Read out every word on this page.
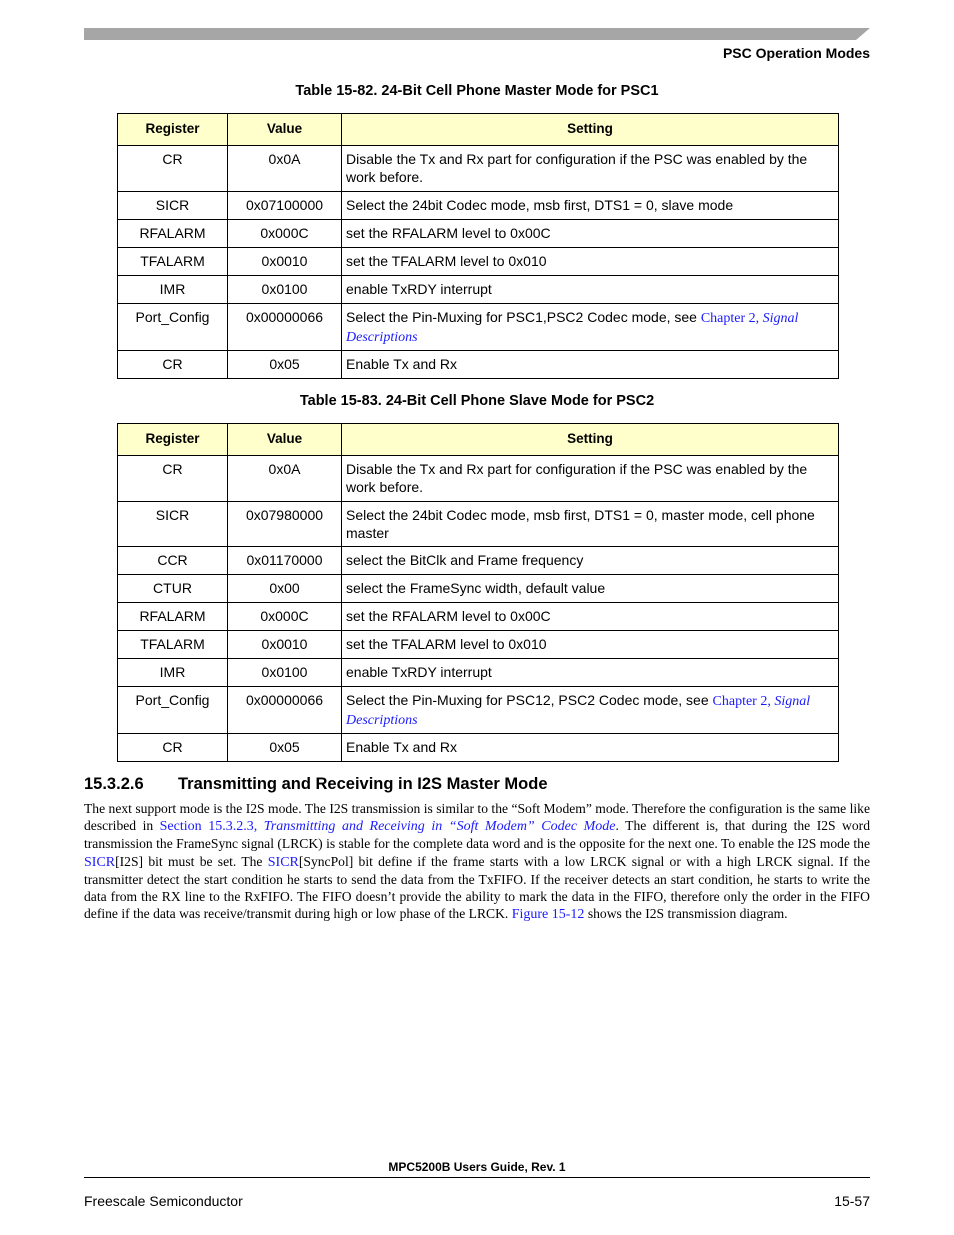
PSC Operation Modes
Table 15-82. 24-Bit Cell Phone Master Mode for PSC1
Register	Value	Setting
CR	0x0A	Disable the Tx and Rx part for configuration if the PSC was enabled by the work before.
SICR	0x07100000	Select the 24bit Codec mode, msb first, DTS1 = 0, slave mode
RFALARM	0x000C	set the RFALARM level to 0x00C
TFALARM	0x0010	set the TFALARM level to 0x010
IMR	0x0100	enable TxRDY interrupt
Port_Config	0x00000066	Select the Pin-Muxing for PSC1,PSC2 Codec mode, see Chapter 2, Signal Descriptions
CR	0x05	Enable Tx and Rx
Table 15-83. 24-Bit Cell Phone Slave Mode for PSC2
Register	Value	Setting
CR	0x0A	Disable the Tx and Rx part for configuration if the PSC was enabled by the work before.
SICR	0x07980000	Select the 24bit Codec mode, msb first, DTS1 = 0, master mode, cell phone master
CCR	0x01170000	select the BitClk and Frame frequency
CTUR	0x00	select the FrameSync width, default value
RFALARM	0x000C	set the RFALARM level to 0x00C
TFALARM	0x0010	set the TFALARM level to 0x010
IMR	0x0100	enable TxRDY interrupt
Port_Config	0x00000066	Select the Pin-Muxing for PSC12, PSC2 Codec mode, see Chapter 2, Signal Descriptions
CR	0x05	Enable Tx and Rx
15.3.2.6 Transmitting and Receiving in I2S Master Mode
The next support mode is the I2S mode. The I2S transmission is similar to the “Soft Modem” mode. Therefore the configuration is the same like described in Section 15.3.2.3, Transmitting and Receiving in “Soft Modem” Codec Mode. The different is, that during the I2S word transmission the FrameSync signal (LRCK) is stable for the complete data word and is the opposite for the next one. To enable the I2S mode the SICR[I2S] bit must be set. The SICR[SyncPol] bit define if the frame starts with a low LRCK signal or with a high LRCK signal. If the transmitter detect the start condition he starts to send the data from the TxFIFO. If the receiver detects an start condition, he starts to write the data from the RX line to the RxFIFO. The FIFO doesn’t provide the ability to mark the data in the FIFO, therefore only the order in the FIFO define if the data was receive/transmit during high or low phase of the LRCK. Figure 15-12 shows the I2S transmission diagram.
MPC5200B Users Guide, Rev. 1
Freescale Semiconductor	15-57
